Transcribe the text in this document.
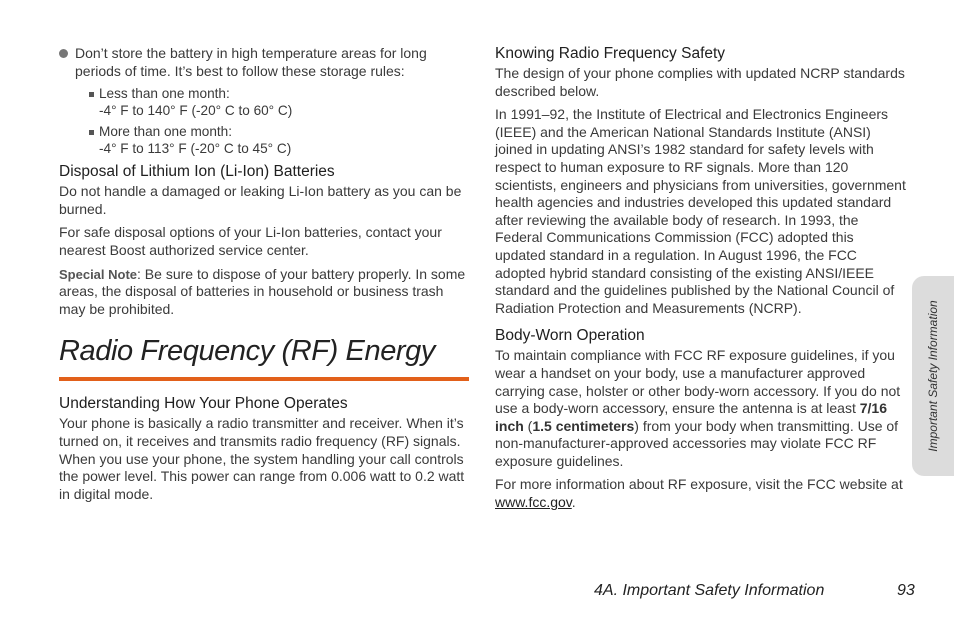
Don’t store the battery in high temperature areas for long periods of time. It’s best to follow these storage rules:
Less than one month:
-4° F to 140° F (-20° C to 60° C)
More than one month:
-4° F to 113° F (-20° C to 45° C)
Disposal of Lithium Ion (Li-Ion) Batteries

Do not handle a damaged or leaking Li-Ion battery as you can be burned.

For safe disposal options of your Li-Ion batteries, contact your nearest Boost authorized service center.

Special Note: Be sure to dispose of your battery properly. In some areas, the disposal of batteries in household or business trash may be prohibited.

Radio Frequency (RF) Energy
Understanding How Your Phone Operates

Your phone is basically a radio transmitter and receiver. When it’s turned on, it receives and transmits radio frequency (RF) signals. When you use your phone, the system handling your call controls the power level. This power can range from 0.006 watt to 0.2 watt in digital mode.

Knowing Radio Frequency Safety

The design of your phone complies with updated NCRP standards described below.

In 1991–92, the Institute of Electrical and Electronics Engineers (IEEE) and the American National Standards Institute (ANSI) joined in updating ANSI’s 1982 standard for safety levels with respect to human exposure to RF signals. More than 120 scientists, engineers and physicians from universities, government health agencies and industries developed this updated standard after reviewing the available body of research. In 1993, the Federal Communications Commission (FCC) adopted this updated standard in a regulation. In August 1996, the FCC adopted hybrid standard consisting of the existing ANSI/IEEE standard and the guidelines published by the National Council of Radiation Protection and Measurements (NCRP).

Body-Worn Operation

To maintain compliance with FCC RF exposure guidelines, if you wear a handset on your body, use a manufacturer approved carrying case, holster or other body-worn accessory. If you do not use a body-worn accessory, ensure the antenna is at least 7/16 inch (1.5 centimeters) from your body when transmitting. Use of non-manufacturer-approved accessories may violate FCC RF exposure guidelines.

For more information about RF exposure, visit the FCC website at www.fcc.gov.

Important Safety Information
4A. Important Safety Information	93
